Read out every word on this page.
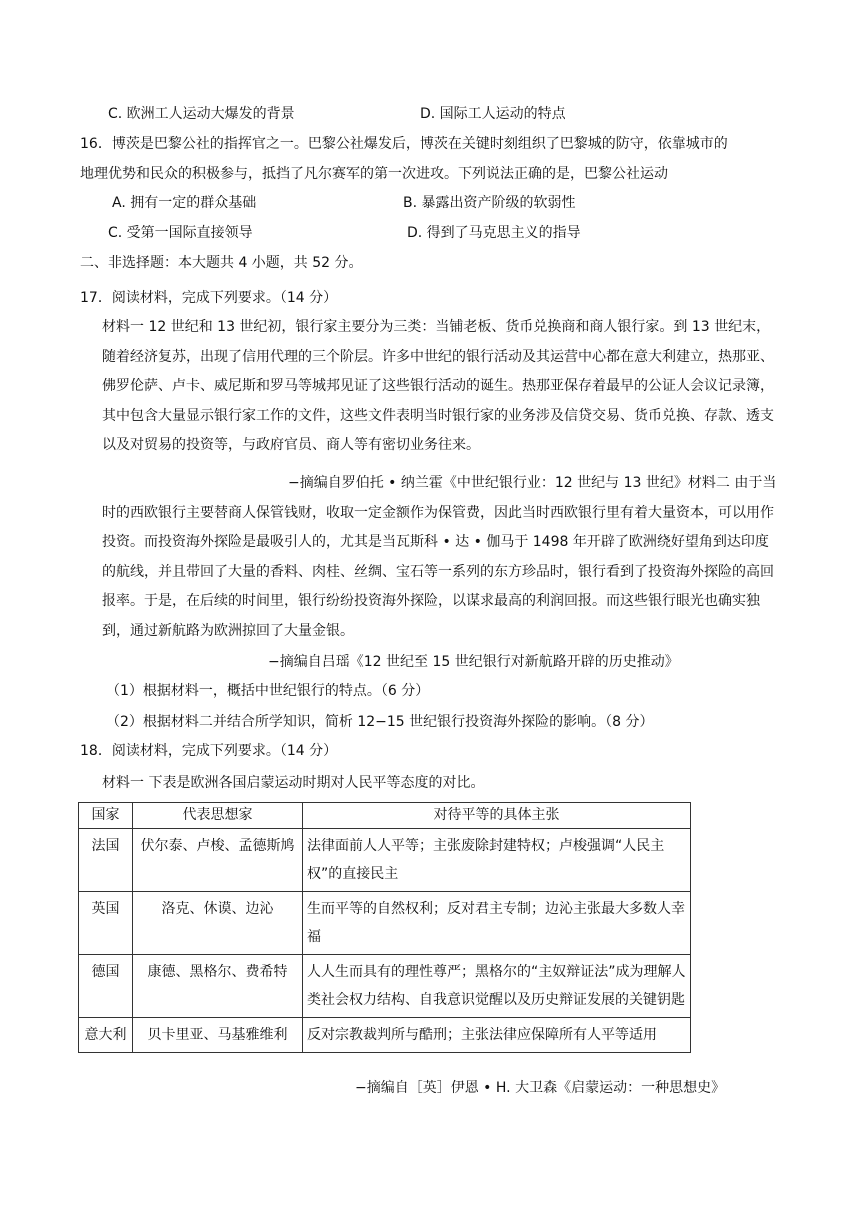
C. 欧洲工人运动大爆发的背景	D. 国际工人运动的特点
16．博茨是巴黎公社的指挥官之一。巴黎公社爆发后，博茨在关键时刻组织了巴黎城的防守，依靠城市的
地理优势和民众的积极参与，抵挡了凡尔赛军的第一次进攻。下列说法正确的是，巴黎公社运动
A. 拥有一定的群众基础	B. 暴露出资产阶级的软弱性
C. 受第一国际直接领导	D. 得到了马克思主义的指导
二、非选择题：本大题共 4 小题，共 52 分。
17．阅读材料，完成下列要求。（14 分）
材料一 12 世纪和 13 世纪初，银行家主要分为三类：当铺老板、货币兑换商和商人银行家。到 13 世纪末，随着经济复苏，出现了信用代理的三个阶层。许多中世纪的银行活动及其运营中心都在意大利建立，热那亚、佛罗伦萨、卢卡、威尼斯和罗马等城邦见证了这些银行活动的诞生。热那亚保存着最早的公证人会议记录簿，其中包含大量显示银行家工作的文件，这些文件表明当时银行家的业务涉及信贷交易、货币兑换、存款、透支以及对贸易的投资等，与政府官员、商人等有密切业务往来。
−摘编自罗伯托 • 纳兰霍《中世纪银行业：12 世纪与 13 世纪》材料二 由于当时的西欧银行主要替商人保管钱财，收取一定金额作为保管费，因此当时西欧银行里有着大量资本，可以用作投资。而投资海外探险是最吸引人的，尤其是当瓦斯科 • 达 • 伽马于 1498 年开辟了欧洲绕好望角到达印度的航线，并且带回了大量的香料、肉桂、丝绸、宝石等一系列的东方珍品时，银行看到了投资海外探险的高回报率。于是，在后续的时间里，银行纷纷投资海外探险，以谋求最高的利润回报。而这些银行眼光也确实独到，通过新航路为欧洲掠回了大量金银。
−摘编自吕瑶《12 世纪至 15 世纪银行对新航路开辟的历史推动》
（1）根据材料一，概括中世纪银行的特点。（6 分）
（2）根据材料二并结合所学知识，简析 12−15 世纪银行投资海外探险的影响。（8 分）
18．阅读材料，完成下列要求。（14 分）
材料一 下表是欧洲各国启蒙运动时期对人民平等态度的对比。
国家	代表思想家	对待平等的具体主张
法国	伏尔泰、卢梭、孟德斯鸠	法律面前人人平等；主张废除封建特权；卢梭强调“人民主权”的直接民主
英国	洛克、休谟、边沁	生而平等的自然权利；反对君主专制；边沁主张最大多数人幸福
德国	康德、黑格尔、费希特	人人生而具有的理性尊严；黑格尔的“主奴辩证法”成为理解人类社会权力结构、自我意识觉醒以及历史辩证发展的关键钥匙
意大利	贝卡里亚、马基雅维利	反对宗教裁判所与酷刑；主张法律应保障所有人平等适用
−摘编自［英］伊恩 • H. 大卫森《启蒙运动：一种思想史》
